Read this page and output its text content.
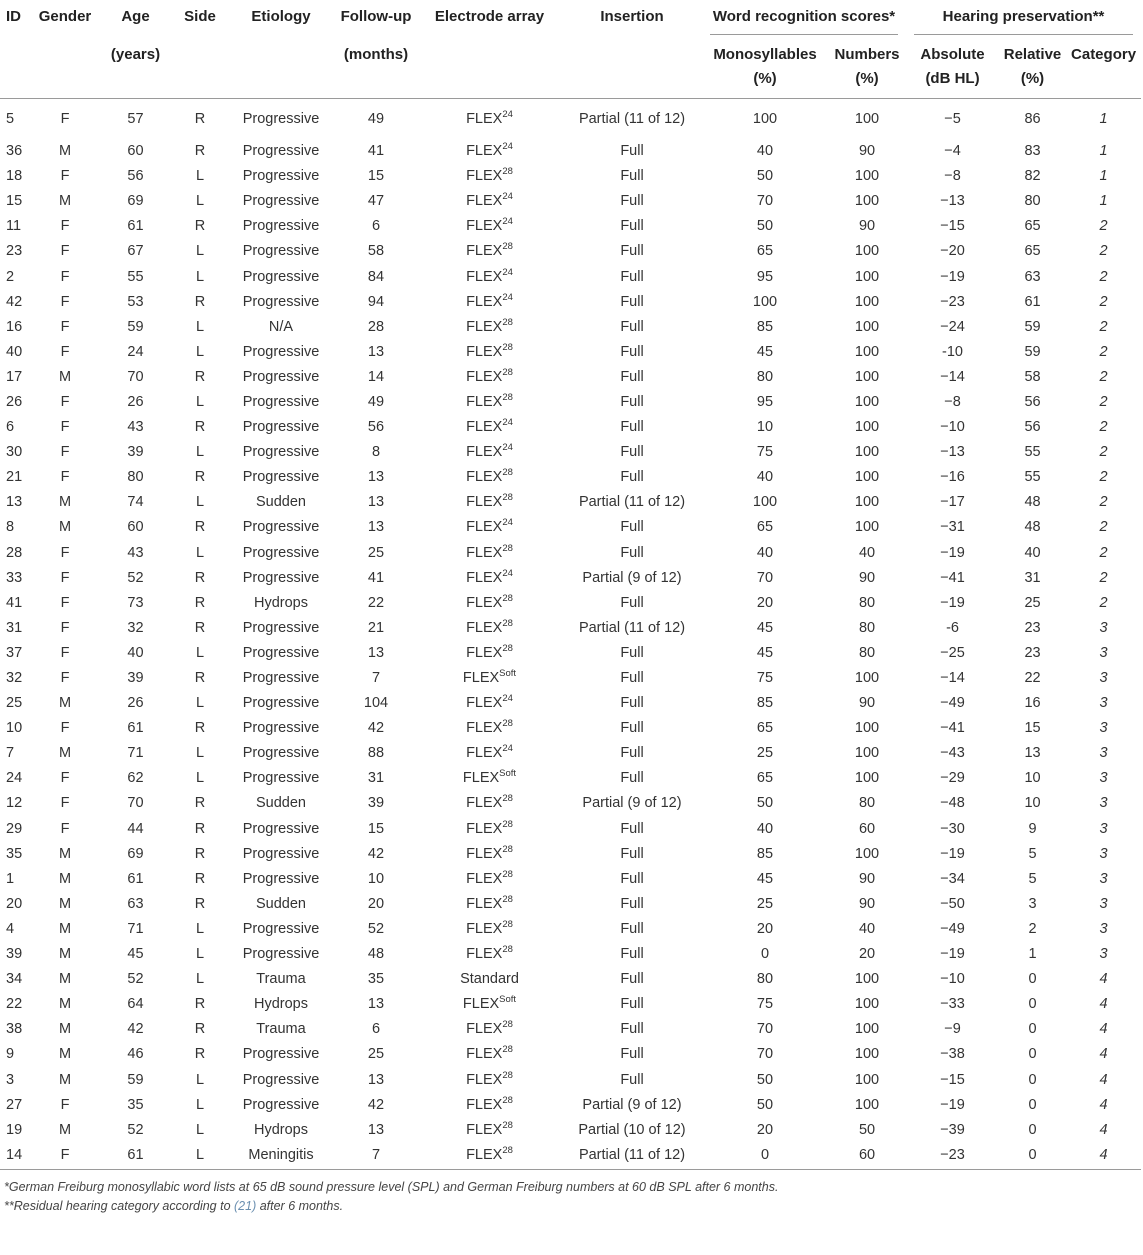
ID	Gender	Age	Side	Etiology	Follow-up	Electrode array	Insertion	Word recognition scores*		Hearing preservation**		

		(years)			(months)			Monosyllables	Numbers	Absolute	Relative	Category
								(%)	(%)	(dB HL)	(%)	
5	F	57	R	Progressive	49	FLEX$^{24}$	Partial (11 of 12)	100	100	−5	86	1
36	M	60	R	Progressive	41	FLEX$^{24}$	Full	40	90	−4	83	1
18	F	56	L	Progressive	15	FLEX$^{28}$	Full	50	100	−8	82	1
15	M	69	L	Progressive	47	FLEX$^{24}$	Full	70	100	−13	80	1
11	F	61	R	Progressive	6	FLEX$^{24}$	Full	50	90	−15	65	2
23	F	67	L	Progressive	58	FLEX$^{28}$	Full	65	100	−20	65	2
2	F	55	L	Progressive	84	FLEX$^{24}$	Full	95	100	−19	63	2
42	F	53	R	Progressive	94	FLEX$^{24}$	Full	100	100	−23	61	2
16	F	59	L	N/A	28	FLEX$^{28}$	Full	85	100	−24	59	2
40	F	24	L	Progressive	13	FLEX$^{28}$	Full	45	100	-10	59	2
17	M	70	R	Progressive	14	FLEX$^{28}$	Full	80	100	−14	58	2
26	F	26	L	Progressive	49	FLEX$^{28}$	Full	95	100	−8	56	2
6	F	43	R	Progressive	56	FLEX$^{24}$	Full	10	100	−10	56	2
30	F	39	L	Progressive	8	FLEX$^{24}$	Full	75	100	−13	55	2
21	F	80	R	Progressive	13	FLEX$^{28}$	Full	40	100	−16	55	2
13	M	74	L	Sudden	13	FLEX$^{28}$	Partial (11 of 12)	100	100	−17	48	2
8	M	60	R	Progressive	13	FLEX$^{24}$	Full	65	100	−31	48	2
28	F	43	L	Progressive	25	FLEX$^{28}$	Full	40	40	−19	40	2
33	F	52	R	Progressive	41	FLEX$^{24}$	Partial (9 of 12)	70	90	−41	31	2
41	F	73	R	Hydrops	22	FLEX$^{28}$	Full	20	80	−19	25	2
31	F	32	R	Progressive	21	FLEX$^{28}$	Partial (11 of 12)	45	80	-6	23	3
37	F	40	L	Progressive	13	FLEX$^{28}$	Full	45	80	−25	23	3
32	F	39	R	Progressive	7	$FLEX^{Soft}$	Full	75	100	−14	22	3
25	M	26	L	Progressive	104	FLEX$^{24}$	Full	85	90	−49	16	3
10	F	61	R	Progressive	42	FLEX$^{28}$	Full	65	100	−41	15	3
7	M	71	L	Progressive	88	FLEX$^{24}$	Full	25	100	−43	13	3
24	F	62	L	Progressive	31	$FLEX^{Soft}$	Full	65	100	−29	10	3
12	F	70	R	Sudden	39	FLEX$^{28}$	Partial (9 of 12)	50	80	−48	10	3
29	F	44	R	Progressive	15	FLEX$^{28}$	Full	40	60	−30	9	3
35	M	69	R	Progressive	42	FLEX$^{28}$	Full	85	100	−19	5	3
1	M	61	R	Progressive	10	FLEX$^{28}$	Full	45	90	−34	5	3
20	M	63	R	Sudden	20	FLEX$^{28}$	Full	25	90	−50	3	3
4	M	71	L	Progressive	52	FLEX$^{28}$	Full	20	40	−49	2	3
39	M	45	L	Progressive	48	FLEX$^{28}$	Full	0	20	−19	1	3
34	M	52	L	Trauma	35	Standard	Full	80	100	−10	0	4
22	M	64	R	Hydrops	13	$FLEX^{Soft}$	Full	75	100	−33	0	4
38	M	42	R	Trauma	6	FLEX$^{28}$	Full	70	100	−9	0	4
9	M	46	R	Progressive	25	FLEX$^{28}$	Full	70	100	−38	0	4
3	M	59	L	Progressive	13	FLEX$^{28}$	Full	50	100	−15	0	4
27	F	35	L	Progressive	42	FLEX$^{28}$	Partial (9 of 12)	50	100	−19	0	4
19	M	52	L	Hydrops	13	FLEX$^{28}$	Partial (10 of 12)	20	50	−39	0	4
14	F	61	L	Meningitis	7	FLEX$^{28}$	Partial (11 of 12)	0	60	−23	0	4
*German Freiburg monosyllabic word lists at 65 dB sound pressure level (SPL) and German Freiburg numbers at 60 dB SPL after 6 months.
**Residual hearing category according to (21) after 6 months.
